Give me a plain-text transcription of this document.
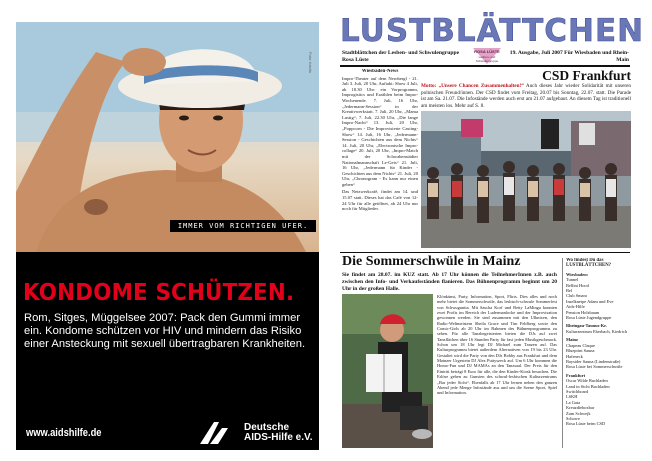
Foto: fotolia
IMMER VOM RICHTIGEN UFER.
KONDOME SCHÜTZEN.
Rom, Sitges, Müggelsee 2007: Pack den Gummi immer ein. Kondome schützen vor HIV und mindern das Risiko einer Ansteckung mit sexuell übertragbaren Krankheiten.
www.aidshilfe.de	Deutsche
AIDS-Hilfe e.V.
LUSTBLÄTTCHEN
Stadtblättchen der Lesben- und Schwulengruppe Rosa Lüste
ROSA LÜSTE
Lesben- und Schwulengruppe
19. Ausgabe, Juli 2007 Für Wiesbaden und Rhein-Main
Wiesbaden-News

Impro-Theater auf dem Nerobergl - 21. Juli 3. Juli, 20 Uhr, Auftakt: Show 4 Juli, ab 18.30 Uhr: ein Vorprogramm, Improgistics und Erzählen beim Impro-Wochenende. 7. Juli, 16 Uhr, „Jedermann-Session“ in der Kreativwerkstatt. 7. Juli, 20 Uhr, „Mama Lustig“, 7. Juli, 22.30 Uhr, „Die lange Impro-Nacht“ 13. Juli, 20 Uhr, „Poppcorn - Die Improvisierte Casting-Show“ 14. Juli, 16 Uhr, „Jedermann-Session - Geschichten aus dem Nichts“ 14. Juli, 20 Uhr, „Electronische Impro-collage“ 20. Juli, 20 Uhr, „Impro-Match mit der Schwabenstädter Nationalmannschaft Le-Gets“ 21. Juli, 16 Uhr, „Jedermann für Kinder - Geschichten aus dem Nichts“ 21. Juli, 20 Uhr, „Chronogram - Es kann nur einen geben“

Das Netzwerkcafé, findet am 14. und 15.07 statt. Dieses hat das Café von 12-24 Uhr für alle geöffnet, ab 24 Uhr nur noch für Mitglieder.

CSD Frankfurt
Motto: „Unsere Chancen Zusammenhalten!“ Auch dieses Jahr wieder Solidarität mit unseren polnischen Freund/innen. Der CSD findet vom Freitag, 20.07 bis Sonntag, 22.07. statt. Die Parade ist am Sa. 21.07. Die Infostände werden auch erst am 21.07 aufgebaut. An diesem Tag ist traditionell am meisten los. Mehr auf S. 8.
Die Sommerschwüle in Mainz
Sie findet am 28.07. im KUZ statt. Ab 17 Uhr können die TeilnehmerInnen z.B. auch zwischen den Info- und Verkaufsständen flanieren. Das Bühnenprogramm beginnt um 20 Uhr in der großen Halle.
Klönkünst, Party, Information, Sport, Flirts. Dies alles und noch mehr bietet die Sommerschwüle, das lesbisch-schwule Sommerfest von Schwuguntia. Mit Sascha Korf und Betty LaMinga konnten zwei Profis im Bereich der Ludermanlocke und der Improvisation gewonnen werden. Sie sind zusammen mit den Ulknixen, den Radio-Weltmeistern Sheila Grace und Tim Fehlberg sowie den Comic-Girls ab 20 Uhr im Rahmen des Bühnenprogramms zu sehen. Für alle Tanzbegeisterten bieten die DJs auf zwei Tanzflächen über 16 Stunden Party für fast jeden Musikgeschmack. Schon um 18 Uhr legt DJ Michael zum Tanzen auf. Das Kulturprogramm bietet außerdem Alternativen von 19 bis 23 Uhr. Gestaltet wird die Party von den DJs Bobby aus Frankfurt und dem Mainzer Urgestein DJ Alex Puttyszeck auf. Um 6 Uhr kommen die Homo-Fun und DJ MAMAs an den Tanzsaal. Der Preis für den Eintritt beträgt 8 Euro für alle, die den Kinder-Kiosk besuchen. Die Erlöse gehen zu Gunsten des schwul-lesbischen Kulturzentrums „Bar jeder Sicht“. Ebenfalls ab 17 Uhr lernen neben den ganzen Abend jede Menge Infostände aus und um die Szene Sport, Spiel und Information.
Wo findest Du das LUSTBLÄTTCHEN?
Wiesbaden:
Tunnel
Bellini Hood
Bel
Club Smara
Inselkneipe Adam und Eve
Aids-Hilfe
Pension Holzbaum
Rosa Lüste Jugendgruppe
Rheingau-Taunus-Kr.
Kulturzentrum Eberbach, Kiedrich
Mainz
Chapeau Claque
Blueprint Sauna
Hafeneck
Baysider Sauna (Lindenstraße)
Rosa Lüste bei Sommerschwüle
Frankfurt
Oscar Wilde Buchladen
Land in Sicht Buchladen
Switchboard
LSKH
La Gata
Kreuzdieboxbar
Zum Schwejk
Schowe
Rosa Lüste beim CSD
